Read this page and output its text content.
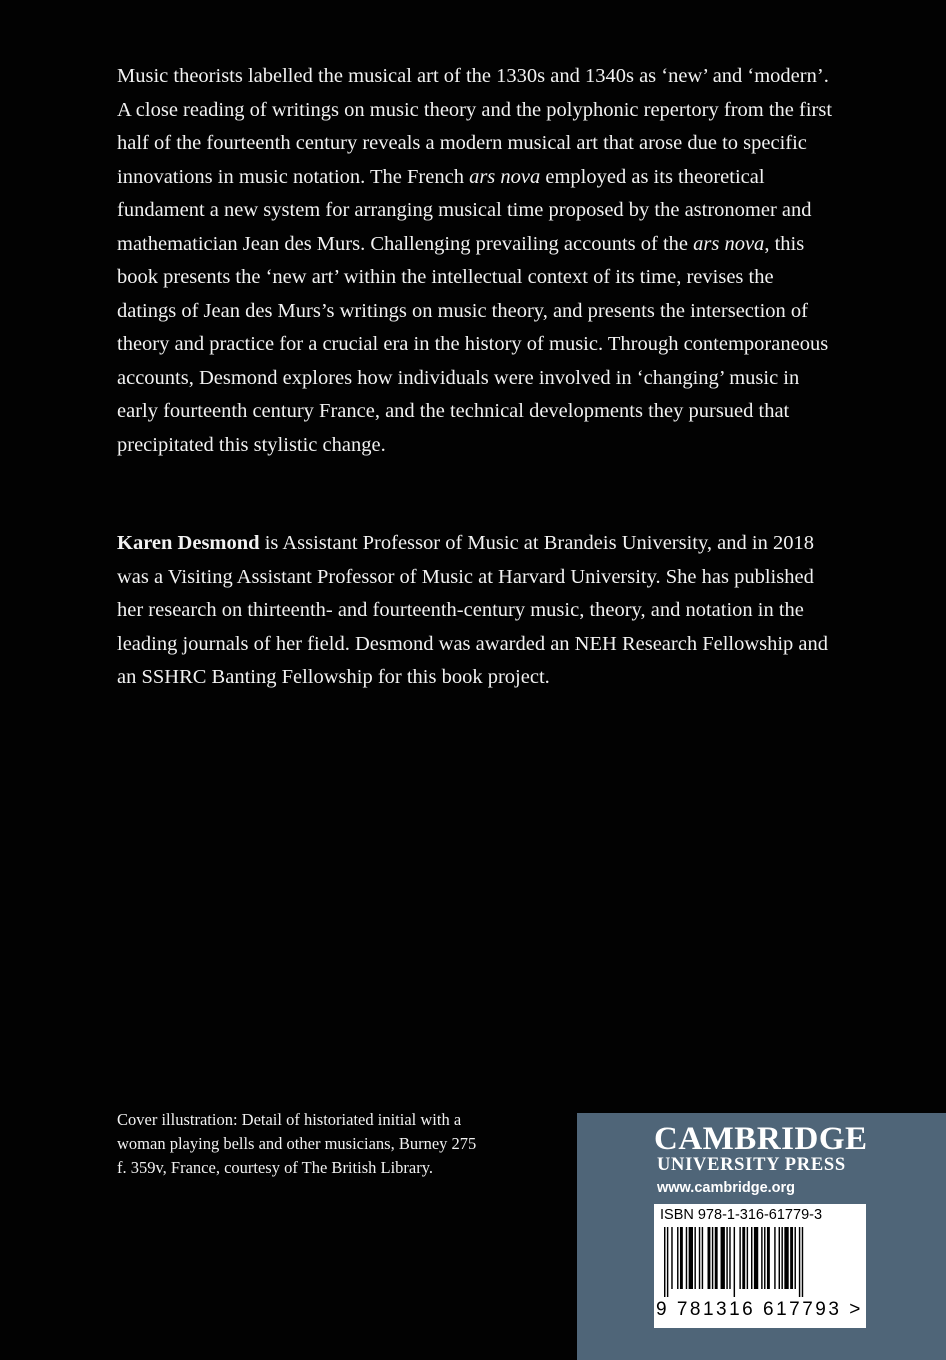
Music theorists labelled the musical art of the 1330s and 1340s as ‘new’ and ‘modern’. A close reading of writings on music theory and the polyphonic repertory from the first half of the fourteenth century reveals a modern musical art that arose due to specific innovations in music notation. The French ars nova employed as its theoretical fundament a new system for arranging musical time proposed by the astronomer and mathematician Jean des Murs. Challenging prevailing accounts of the ars nova, this book presents the ‘new art’ within the intellectual context of its time, revises the datings of Jean des Murs’s writings on music theory, and presents the intersection of theory and practice for a crucial era in the history of music. Through contemporaneous accounts, Desmond explores how individuals were involved in ‘changing’ music in early fourteenth century France, and the technical developments they pursued that precipitated this stylistic change.

Karen Desmond is Assistant Professor of Music at Brandeis University, and in 2018 was a Visiting Assistant Professor of Music at Harvard University. She has published her research on thirteenth- and fourteenth-century music, theory, and notation in the leading journals of her field. Desmond was awarded an NEH Research Fellowship and an SSHRC Banting Fellowship for this book project.

Cover illustration: Detail of historiated initial with a woman playing bells and other musicians, Burney 275 f. 359v, France, courtesy of The British Library.

CAMBRIDGE
UNIVERSITY PRESS
www.cambridge.org
ISBN 978-1-316-61779-3
9 781316 617793 >
